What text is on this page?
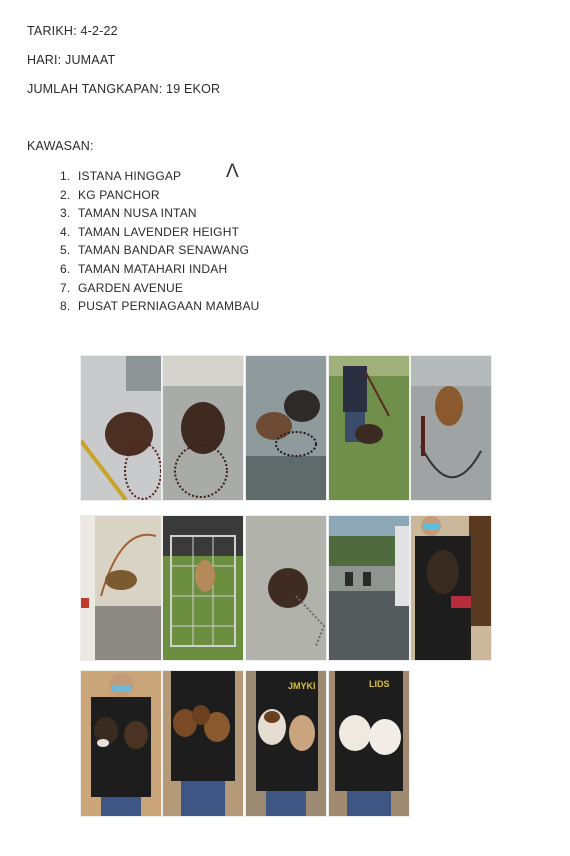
TARIKH: 4-2-22
HARI: JUMAAT
JUMLAH TANGKAPAN: 19 EKOR
KAWASAN:
1. ISTANA HINGGAP
2. KG PANCHOR
3. TAMAN NUSA INTAN
4. TAMAN LAVENDER HEIGHT
5. TAMAN BANDAR SENAWANG
6. TAMAN MATAHARI INDAH
7. GARDEN AVENUE
8. PUSAT PERNIAGAAN MAMBAU
Λ
JMYKI	LIDS
